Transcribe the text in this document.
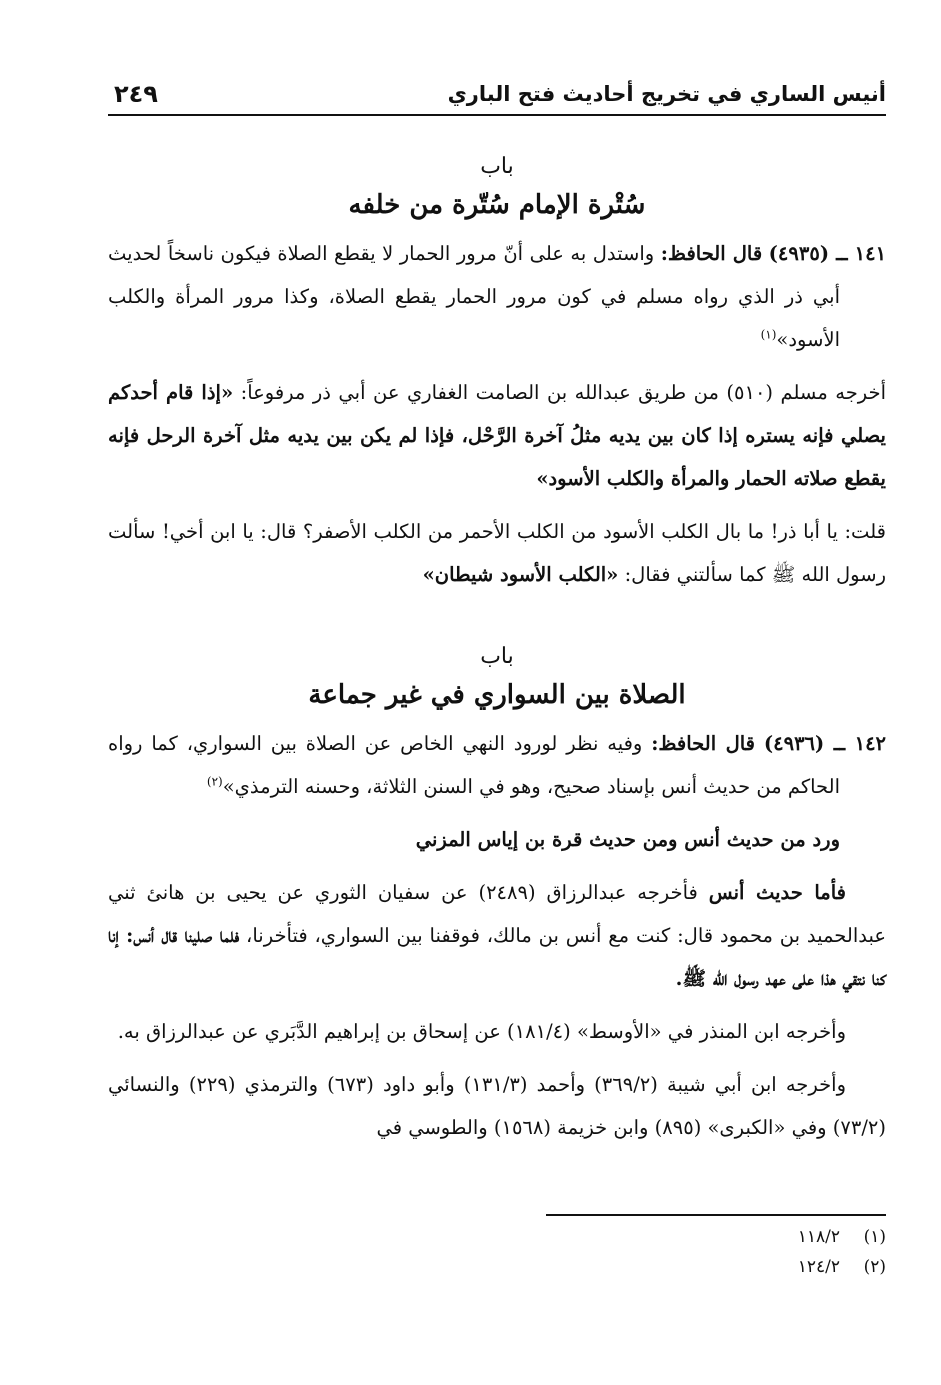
أنيس الساري في تخريج أحاديث فتح الباري
٢٤٩
باب
سُتْرة الإمام سُتّرة من خلفه

١٤١ ــ (٤٩٣٥) قال الحافظ: واستدل به على أنّ مرور الحمار لا يقطع الصلاة فيكون ناسخاً لحديث أبي ذر الذي رواه مسلم في كون مرور الحمار يقطع الصلاة، وكذا مرور المرأة والكلب الأسود»$^{(١)}$

أخرجه مسلم (٥١٠) من طريق عبدالله بن الصامت الغفاري عن أبي ذر مرفوعاً: «إذا قام أحدكم يصلي فإنه يستره إذا كان بين يديه مثلُ آخرة الرَّحْل، فإذا لم يكن بين يديه مثل آخرة الرحل فإنه يقطع صلاته الحمار والمرأة والكلب الأسود»

قلت: يا أبا ذر! ما بال الكلب الأسود من الكلب الأحمر من الكلب الأصفر؟ قال: يا ابن أخي! سألت رسول الله ﷺ كما سألتني فقال: «الكلب الأسود شيطان»

باب
الصلاة بين السواري في غير جماعة

١٤٢ ــ (٤٩٣٦) قال الحافظ: وفيه نظر لورود النهي الخاص عن الصلاة بين السواري، كما رواه الحاكم من حديث أنس بإسناد صحيح، وهو في السنن الثلاثة، وحسنه الترمذي»$^{(٢)}$

ورد من حديث أنس ومن حديث قرة بن إياس المزني

فأما حديث أنس فأخرجه عبدالرزاق (٢٤٨٩) عن سفيان الثوري عن يحيى بن هانئ ثني عبدالحميد بن محمود قال: كنت مع أنس بن مالك، فوقفنا بين السواري، فتأخرنا، فلما صلينا قال أنس: إنا كنا نتقي هذا على عهد رسول الله ﷺ.

وأخرجه ابن المنذر في «الأوسط» (١٨١/٤) عن إسحاق بن إبراهيم الدَّبَري عن عبدالرزاق به.

وأخرجه ابن أبي شيبة (٣٦٩/٢) وأحمد (١٣١/٣) وأبو داود (٦٧٣) والترمذي (٢٢٩) والنسائي (٧٣/٢) وفي «الكبرى» (٨٩٥) وابن خزيمة (١٥٦٨) والطوسي في

(١)١١٨/٢
(٢)١٢٤/٢
